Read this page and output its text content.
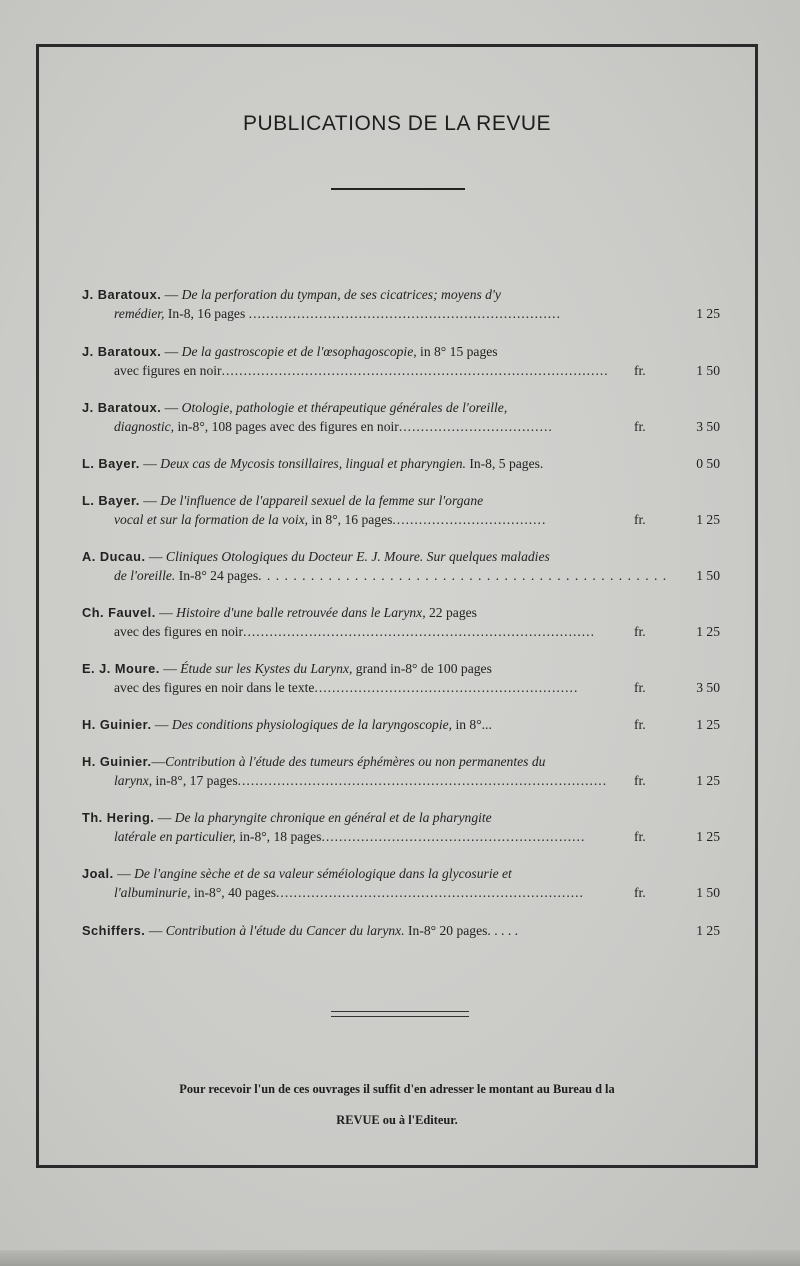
PUBLICATIONS DE LA REVUE
J. Baratoux. — De la perforation du tympan, de ses cicatrices; moyens d'y
remédier, In-8, 16 pages .......................................................................	1 25
J. Baratoux. — De la gastroscopie et de l'œsophagoscopie, in 8° 15 pages
avec figures en noir........................................................................................ fr.	1 50
J. Baratoux. — Otologie, pathologie et thérapeutique générales de l'oreille,
diagnostic, in-8°, 108 pages avec des figures en noir...................................	fr.	3 50
L. Bayer. — Deux cas de Mycosis tonsillaires, lingual et pharyngien. In-8, 5 pages.	0 50
L. Bayer. — De l'influence de l'appareil sexuel de la femme sur l'organe
vocal et sur la formation de la voix, in 8°, 16 pages...................................	fr.	1 25
A. Ducau. — Cliniques Otologiques du Docteur E. J. Moure. Sur quelques maladies
de l'oreille. In-8° 24 pages. . . . . . . . . . . . . . . . . . . . . . . . . . . . . . . . . . . . . . . . . . . . . . .	1 50
Ch. Fauvel. — Histoire d'une balle retrouvée dans le Larynx, 22 pages
avec des figures en noir................................................................................	fr.	1 25
E. J. Moure. — Étude sur les Kystes du Larynx, grand in-8° de 100 pages
avec des figures en noir dans le texte............................................................	fr.	3 50
H. Guinier. — Des conditions physiologiques de la laryngoscopie, in 8°...	fr.	1 25
H. Guinier.—Contribution à l'étude des tumeurs éphémères ou non permanentes du
larynx, in-8°, 17 pages.................................................................................... fr.	1 25
Th. Hering. — De la pharyngite chronique en général et de la pharyngite
latérale en particulier, in-8°, 18 pages............................................................	fr.	1 25
Joal. — De l'angine sèche et de sa valeur séméiologique dans la glycosurie et
l'albuminurie, in-8°, 40 pages......................................................................	fr.	1 50
Schiffers. — Contribution à l'étude du Cancer du larynx. In-8° 20 pages. . . . .	1 25
Pour recevoir l'un de ces ouvrages il suffit d'en adresser le montant au Bureau d la
REVUE ou à l'Editeur.
